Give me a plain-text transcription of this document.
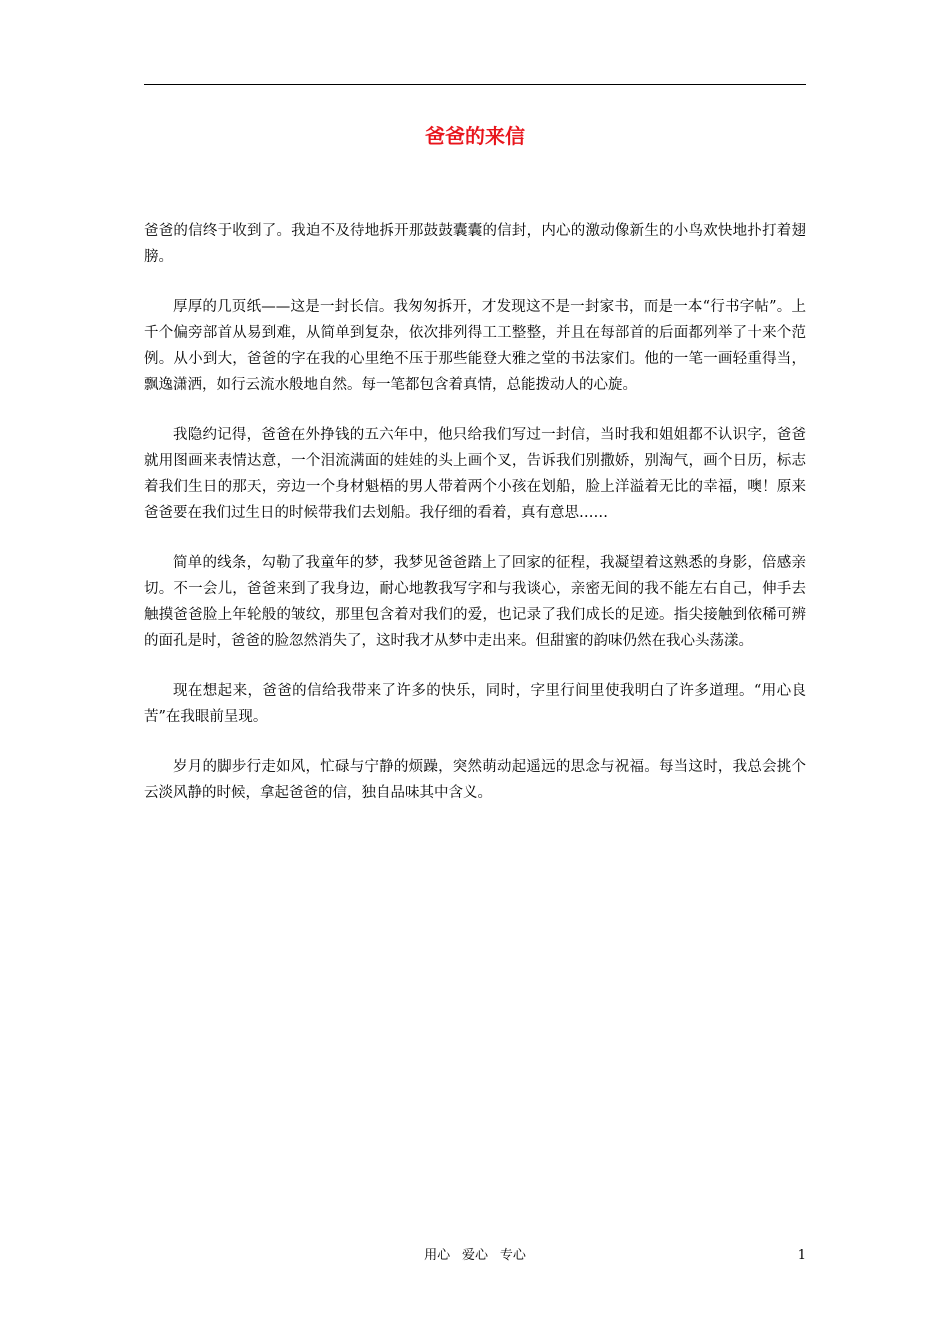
爸爸的来信

爸爸的信终于收到了。我迫不及待地拆开那鼓鼓囊囊的信封，内心的激动像新生的小鸟欢快地扑打着翅膀。

厚厚的几页纸——这是一封长信。我匆匆拆开，才发现这不是一封家书，而是一本“行书字帖”。上千个偏旁部首从易到难，从简单到复杂，依次排列得工工整整，并且在每部首的后面都列举了十来个范例。从小到大，爸爸的字在我的心里绝不压于那些能登大雅之堂的书法家们。他的一笔一画轻重得当，飘逸潇洒，如行云流水般地自然。每一笔都包含着真情，总能拨动人的心旋。

我隐约记得，爸爸在外挣钱的五六年中，他只给我们写过一封信，当时我和姐姐都不认识字，爸爸就用图画来表情达意，一个泪流满面的娃娃的头上画个叉，告诉我们别撒娇，别淘气，画个日历，标志着我们生日的那天，旁边一个身材魁梧的男人带着两个小孩在划船，脸上洋溢着无比的幸福，噢！原来爸爸要在我们过生日的时候带我们去划船。我仔细的看着，真有意思……

简单的线条，勾勒了我童年的梦，我梦见爸爸踏上了回家的征程，我凝望着这熟悉的身影，倍感亲切。不一会儿，爸爸来到了我身边，耐心地教我写字和与我谈心，亲密无间的我不能左右自己，伸手去触摸爸爸脸上年轮般的皱纹，那里包含着对我们的爱，也记录了我们成长的足迹。指尖接触到依稀可辨的面孔是时，爸爸的脸忽然消失了，这时我才从梦中走出来。但甜蜜的韵味仍然在我心头荡漾。

现在想起来，爸爸的信给我带来了许多的快乐，同时，字里行间里使我明白了许多道理。“用心良苦”在我眼前呈现。

岁月的脚步行走如风，忙碌与宁静的烦躁，突然萌动起遥远的思念与祝福。每当这时，我总会挑个云淡风静的时候，拿起爸爸的信，独自品味其中含义。

用心 爱心 专心	1
